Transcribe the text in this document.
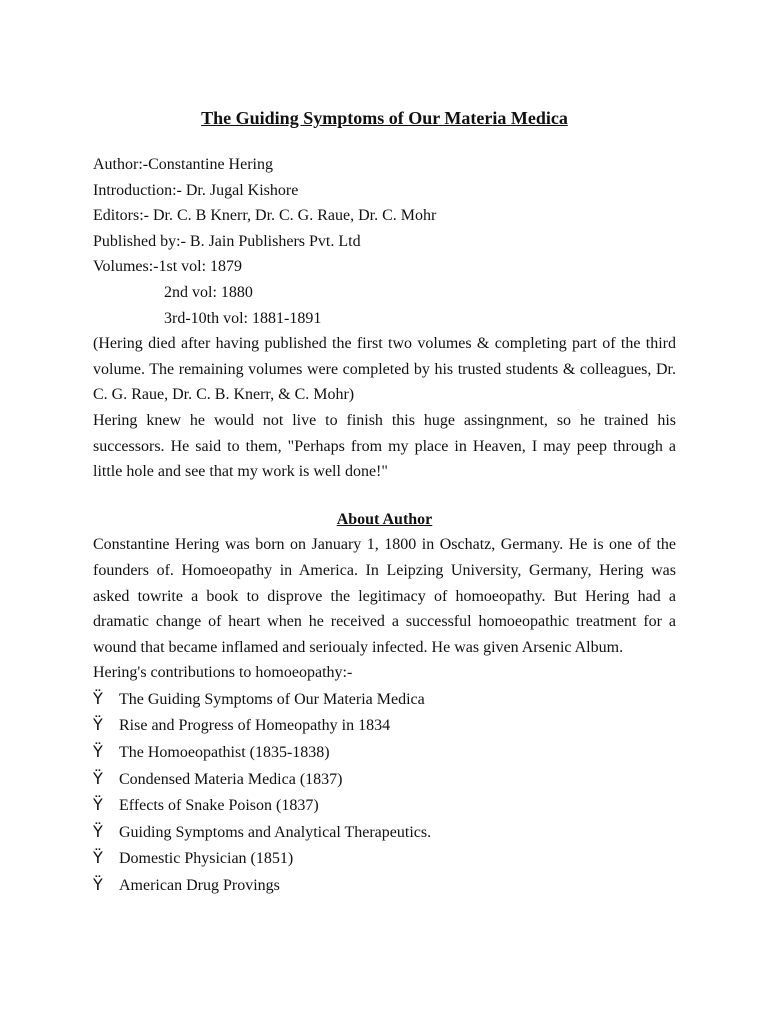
The Guiding Symptoms of Our Materia Medica
Author:-Constantine Hering
Introduction:- Dr. Jugal Kishore
Editors:- Dr. C. B Knerr, Dr. C. G. Raue, Dr. C. Mohr
Published by:- B. Jain Publishers Pvt. Ltd
Volumes:-1st vol: 1879
2nd vol: 1880
3rd-10th vol: 1881-1891

(Hering died after having published the first two volumes & completing part of the third volume. The remaining volumes were completed by his trusted students & colleagues, Dr. C. G. Raue, Dr. C. B. Knerr, & C. Mohr)

Hering knew he would not live to finish this huge assingnment, so he trained his successors. He said to them, "Perhaps from my place in Heaven, I may peep through a little hole and see that my work is well done!"

About Author

Constantine Hering was born on January 1, 1800 in Oschatz, Germany. He is one of the founders of. Homoeopathy in America. In Leipzing University, Germany, Hering was asked towrite a book to disprove the legitimacy of homoeopathy. But Hering had a dramatic change of heart when he received a successful homoeopathic treatment for a wound that became inflamed and serioualy infected. He was given Arsenic Album.

Hering's contributions to homoeopathy:-

Ÿ	The Guiding Symptoms of Our Materia Medica
Ÿ	Rise and Progress of Homeopathy in 1834
Ÿ	The Homoeopathist (1835-1838)
Ÿ	Condensed Materia Medica (1837)
Ÿ	Effects of Snake Poison (1837)
Ÿ	Guiding Symptoms and Analytical Therapeutics.
Ÿ	Domestic Physician (1851)
Ÿ	American Drug Provings
